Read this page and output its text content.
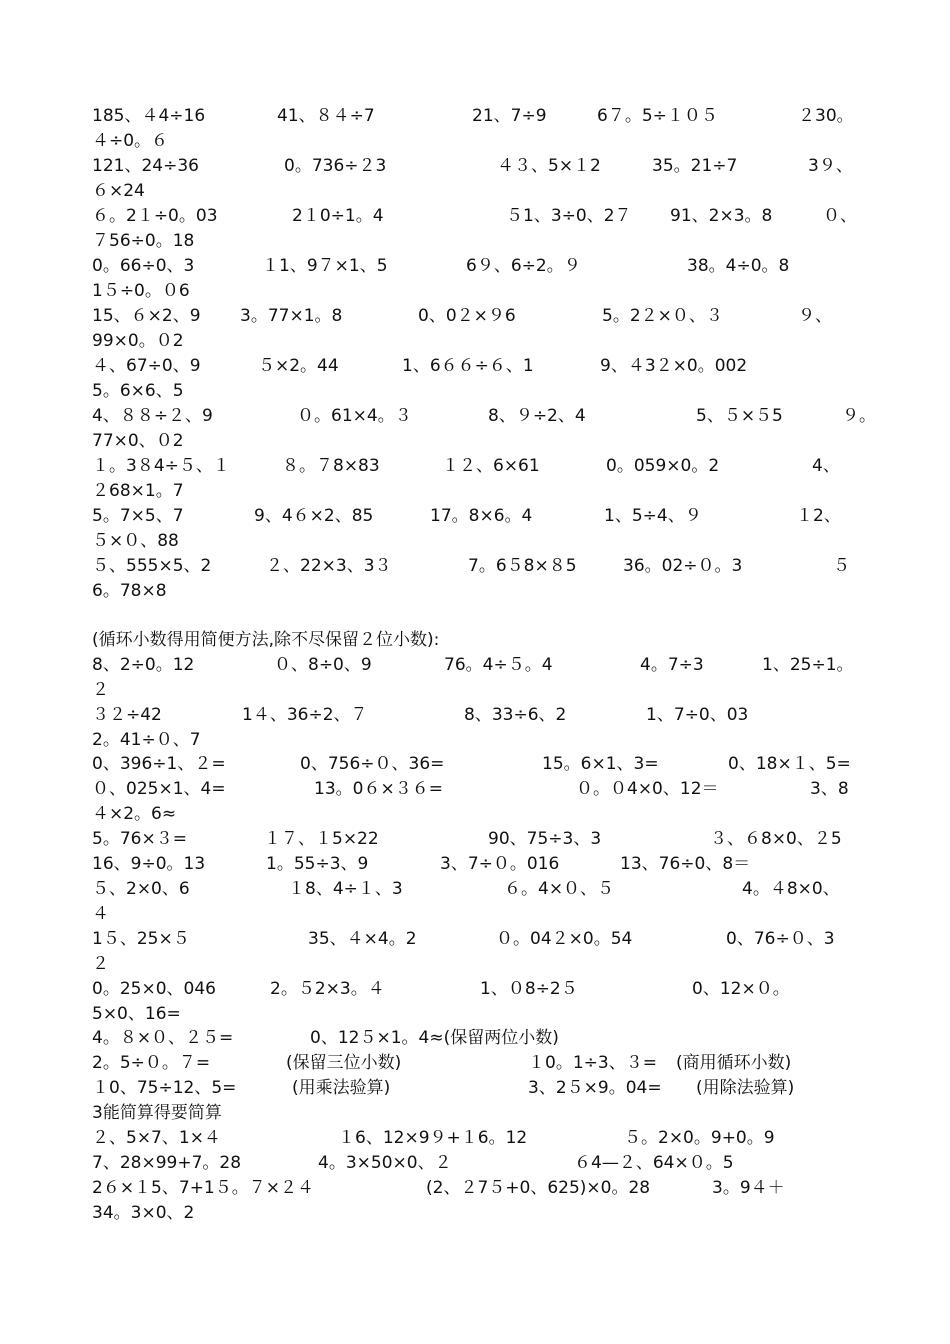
185、４4÷16	41、８４÷7	21、7÷9	6７。5÷１０５	２30。
４÷0。６
121、24÷36	0。736÷２3	４３、5×１2	35。21÷7	3９、
６×24
６。2１÷0。03	2１0÷1。4	５1、3÷0、2７ 91、2×3。8	０、
７56÷0。18
0。66÷0、3	１1、9７×1、5	6９、6÷2。９	38。4÷0。8
1５÷0。０6
15、６×2、9 3。77×1。8	0、0２×９6	5。2２×０、３	９、
99×0。０2
４、67÷0、9	５×2。44	1、6６６÷６、1	9、４3２×0。002
5。6×6、5
4、８８÷２、9	０。61×4。３	8、９÷2、4	5、５×５5	９。
77×0、０2
１。3８4÷５、１	８。７8×83	１２、6×61	0。059×0。2	4、
２68×1。7
5。7×5、7	9、4６×2、85	17。8×6。4	1、5÷4、９	１2、
５×０、88
５、555×5、2	２、22×3、3３	7。6５8×８5	36。02÷０。3	５
6。78×8
(循环小数得用简便方法,除不尽保留２位小数):
8、2÷0。12	０、8÷0、9	76。4÷５。4	4。7÷3	1、25÷1。
２
３２÷42	1４、36÷2、７	8、33÷6、2	1、7÷0、03
2。41÷０、7
0、396÷1、２=	0、756÷０、36=	15。6×1、3=	0、18×１、5=
０、025×1、4=	13。0６×３６=	０。０4×0、12＝	3、8
４×2。6≈
5。76×３=	１７、１5×22	90、75÷3、3	３、６8×0、２5
16、9÷0。13	1。55÷3、9	3、7÷０。016	13、76÷0、8＝
５、2×0、6	１8、4÷１、3	６。4×０、５	4。４8×0、
４
1５、25×５	35、４×4。2	０。04２×0。54	0、76÷０、3
２
0。25×0、046	2。５2×3。４	1、０8÷2５	0、12×０。
5×0、16=
4。８×０、２５=	0、12５×1。4≈(保留两位小数)
2。5÷０。７=	(保留三位小数)	１0。1÷3、３= (商用循环小数)
１0、75÷12、5=	(用乘法验算)	3、2５×9。04= (用除法验算)
3能简算得要简算
２、5×7、1×４	１6、12×9９+１6。12	５。2×0。9+0。9
7、28×99+7。28	4。3×50×0、２	６4—２、64×０。5
2６×１5、7+1５。７×２４	(2、２7５+0、625)×0。28	3。9４＋
34。3×0、2
